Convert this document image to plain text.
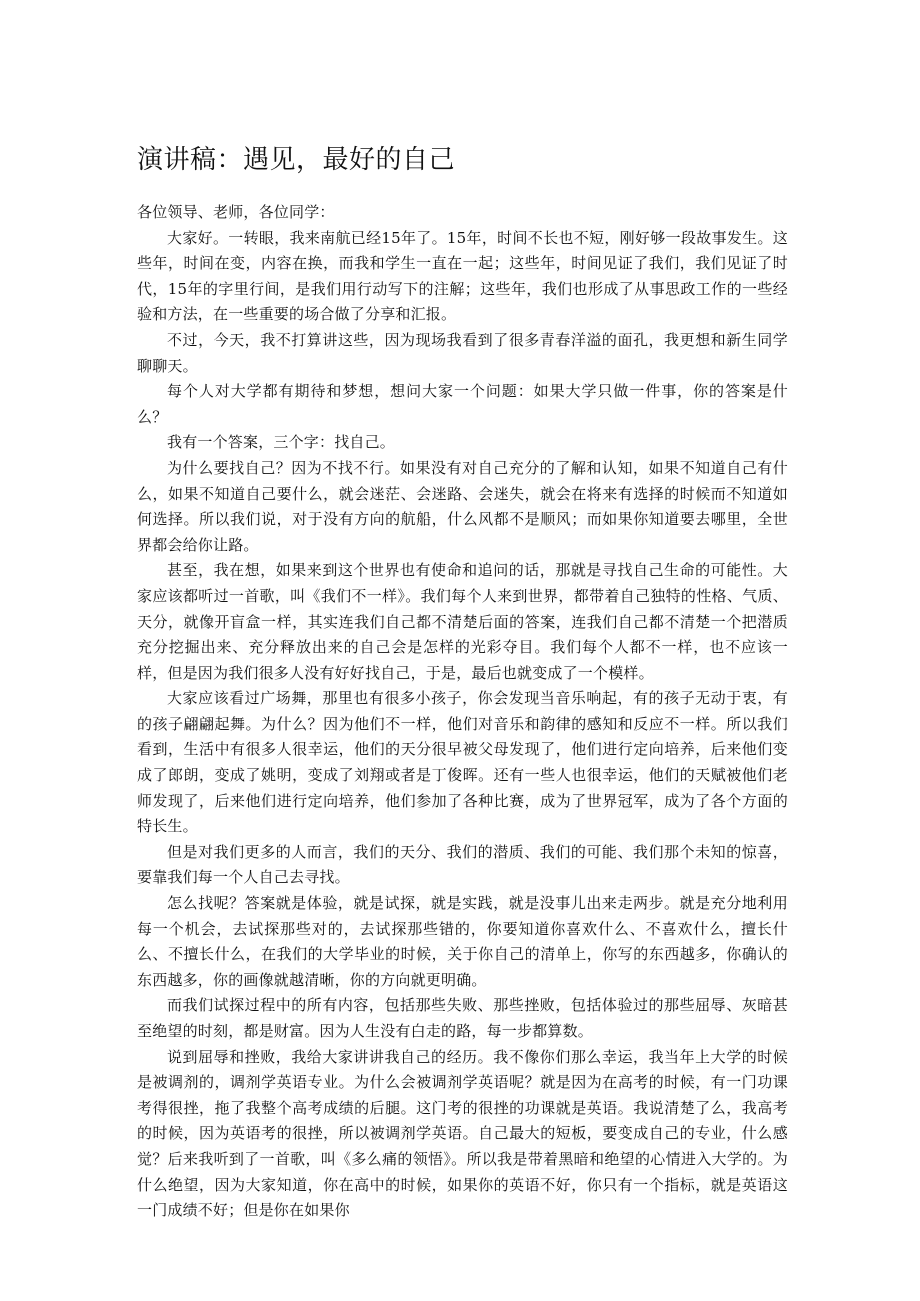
演讲稿：遇见，最好的自己

各位领导、老师，各位同学：

大家好。一转眼，我来南航已经15年了。15年，时间不长也不短，刚好够一段故事发生。这些年，时间在变，内容在换，而我和学生一直在一起；这些年，时间见证了我们，我们见证了时代，15年的字里行间，是我们用行动写下的注解；这些年，我们也形成了从事思政工作的一些经验和方法，在一些重要的场合做了分享和汇报。

不过，今天，我不打算讲这些，因为现场我看到了很多青春洋溢的面孔，我更想和新生同学聊聊天。

每个人对大学都有期待和梦想，想问大家一个问题：如果大学只做一件事，你的答案是什么？

我有一个答案，三个字：找自己。

为什么要找自己？因为不找不行。如果没有对自己充分的了解和认知，如果不知道自己有什么，如果不知道自己要什么，就会迷茫、会迷路、会迷失，就会在将来有选择的时候而不知道如何选择。所以我们说，对于没有方向的航船，什么风都不是顺风；而如果你知道要去哪里，全世界都会给你让路。

甚至，我在想，如果来到这个世界也有使命和追问的话，那就是寻找自己生命的可能性。大家应该都听过一首歌，叫《我们不一样》。我们每个人来到世界，都带着自己独特的性格、气质、天分，就像开盲盒一样，其实连我们自己都不清楚后面的答案，连我们自己都不清楚一个把潜质充分挖掘出来、充分释放出来的自己会是怎样的光彩夺目。我们每个人都不一样，也不应该一样，但是因为我们很多人没有好好找自己，于是，最后也就变成了一个模样。

大家应该看过广场舞，那里也有很多小孩子，你会发现当音乐响起，有的孩子无动于衷，有的孩子翩翩起舞。为什么？因为他们不一样，他们对音乐和韵律的感知和反应不一样。所以我们看到，生活中有很多人很幸运，他们的天分很早被父母发现了，他们进行定向培养，后来他们变成了郎朗，变成了姚明，变成了刘翔或者是丁俊晖。还有一些人也很幸运，他们的天赋被他们老师发现了，后来他们进行定向培养，他们参加了各种比赛，成为了世界冠军，成为了各个方面的特长生。

但是对我们更多的人而言，我们的天分、我们的潜质、我们的可能、我们那个未知的惊喜，要靠我们每一个人自己去寻找。

怎么找呢？答案就是体验，就是试探，就是实践，就是没事儿出来走两步。就是充分地利用每一个机会，去试探那些对的，去试探那些错的，你要知道你喜欢什么、不喜欢什么，擅长什么、不擅长什么，在我们的大学毕业的时候，关于你自己的清单上，你写的东西越多，你确认的东西越多，你的画像就越清晰，你的方向就更明确。

而我们试探过程中的所有内容，包括那些失败、那些挫败，包括体验过的那些屈辱、灰暗甚至绝望的时刻，都是财富。因为人生没有白走的路，每一步都算数。

说到屈辱和挫败，我给大家讲讲我自己的经历。我不像你们那么幸运，我当年上大学的时候是被调剂的，调剂学英语专业。为什么会被调剂学英语呢？就是因为在高考的时候，有一门功课考得很挫，拖了我整个高考成绩的后腿。这门考的很挫的功课就是英语。我说清楚了么，我高考的时候，因为英语考的很挫，所以被调剂学英语。自己最大的短板，要变成自己的专业，什么感觉？后来我听到了一首歌，叫《多么痛的领悟》。所以我是带着黑暗和绝望的心情进入大学的。为什么绝望，因为大家知道，你在高中的时候，如果你的英语不好，你只有一个指标，就是英语这一门成绩不好；但是你在如果你
